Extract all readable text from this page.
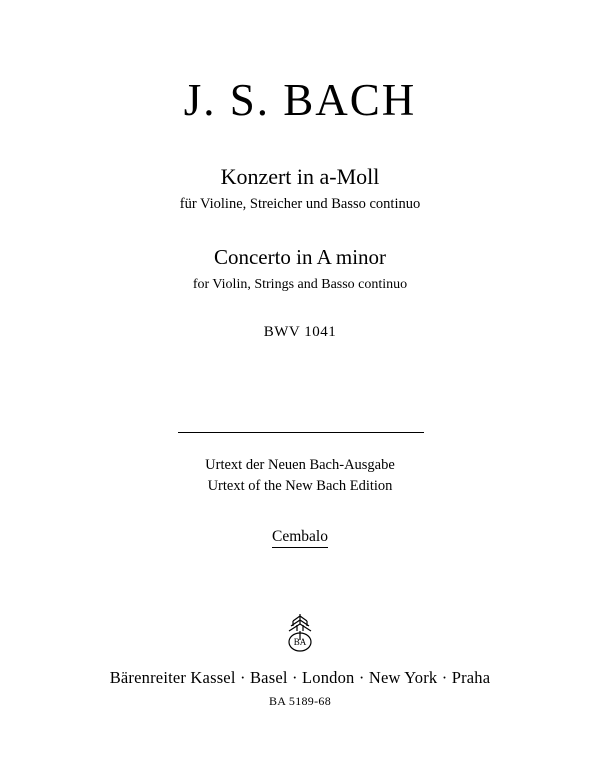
J. S. BACH

Konzert in a-Moll

für Violine, Streicher und Basso continuo

Concerto in A minor

for Violin, Strings and Basso continuo

BWV 1041

Urtext der Neuen Bach-Ausgabe

Urtext of the New Bach Edition

Cembalo
BA
Bärenreiter Kassel · Basel · London · New York · Praha
BA 5189-68
